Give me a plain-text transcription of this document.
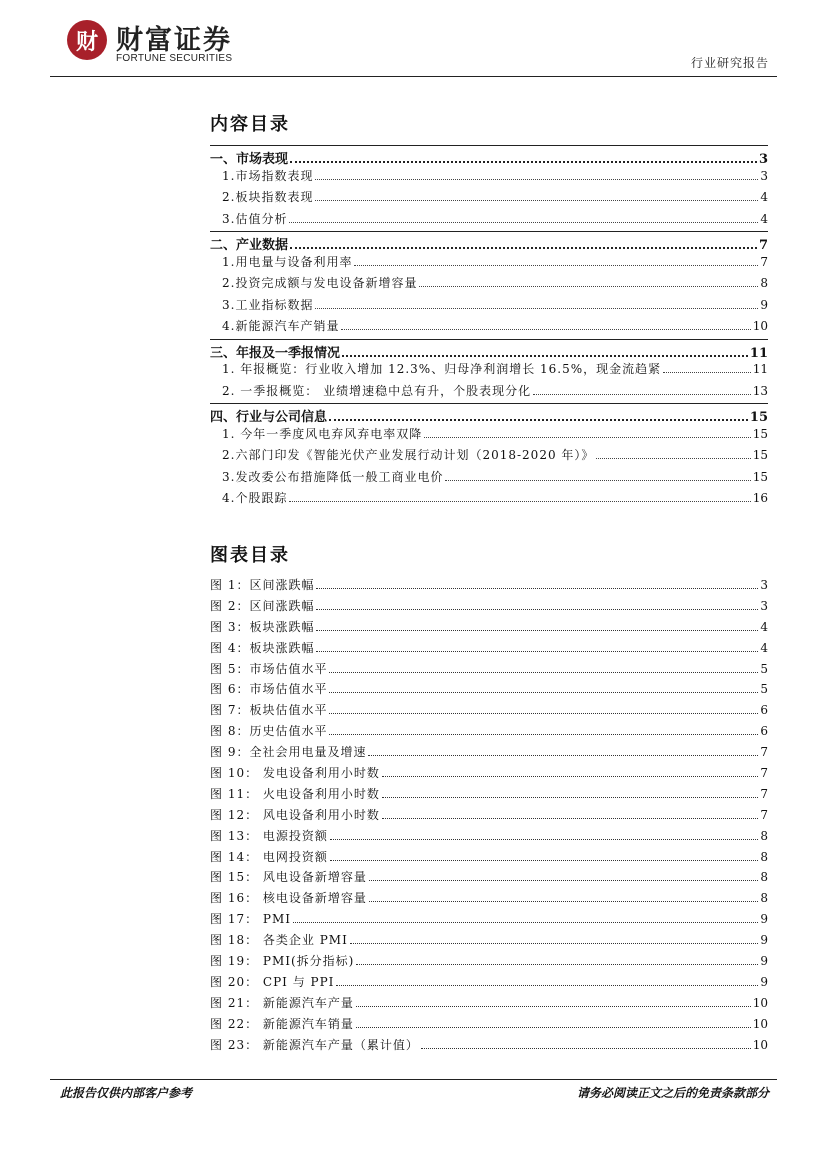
财 财富证券
FORTUNE SECURITIES	行业研究报告
内容目录
一、市场表现	3
1.市场指数表现	3
2.板块指数表现	4
3.估值分析	4
二、产业数据	7
1.用电量与设备利用率	7
2.投资完成额与发电设备新增容量	8
3.工业指标数据	9
4.新能源汽车产销量	10
三、年报及一季报情况	11
1. 年报概览：行业收入增加 12.3%、归母净利润增长 16.5%，现金流趋紧	11
2. 一季报概览： 业绩增速稳中总有升，个股表现分化	13
四、行业与公司信息	15
1. 今年一季度风电弃风弃电率双降	15
2.六部门印发《智能光伏产业发展行动计划（2018-2020 年）》	15
3.发改委公布措施降低一般工商业电价	15
4.个股跟踪	16
图表目录
图 1：区间涨跌幅	3
图 2：区间涨跌幅	3
图 3：板块涨跌幅	4
图 4：板块涨跌幅	4
图 5：市场估值水平	5
图 6：市场估值水平	5
图 7：板块估值水平	6
图 8：历史估值水平	6
图 9：全社会用电量及增速	7
图 10： 发电设备利用小时数	7
图 11： 火电设备利用小时数	7
图 12： 风电设备利用小时数	7
图 13： 电源投资额	8
图 14： 电网投资额	8
图 15： 风电设备新增容量	8
图 16： 核电设备新增容量	8
图 17： PMI	9
图 18： 各类企业 PMI	9
图 19： PMI(拆分指标)	9
图 20： CPI 与 PPI	9
图 21： 新能源汽车产量	10
图 22： 新能源汽车销量	10
图 23： 新能源汽车产量（累计值）	10
此报告仅供内部客户参考	请务必阅读正文之后的免责条款部分
